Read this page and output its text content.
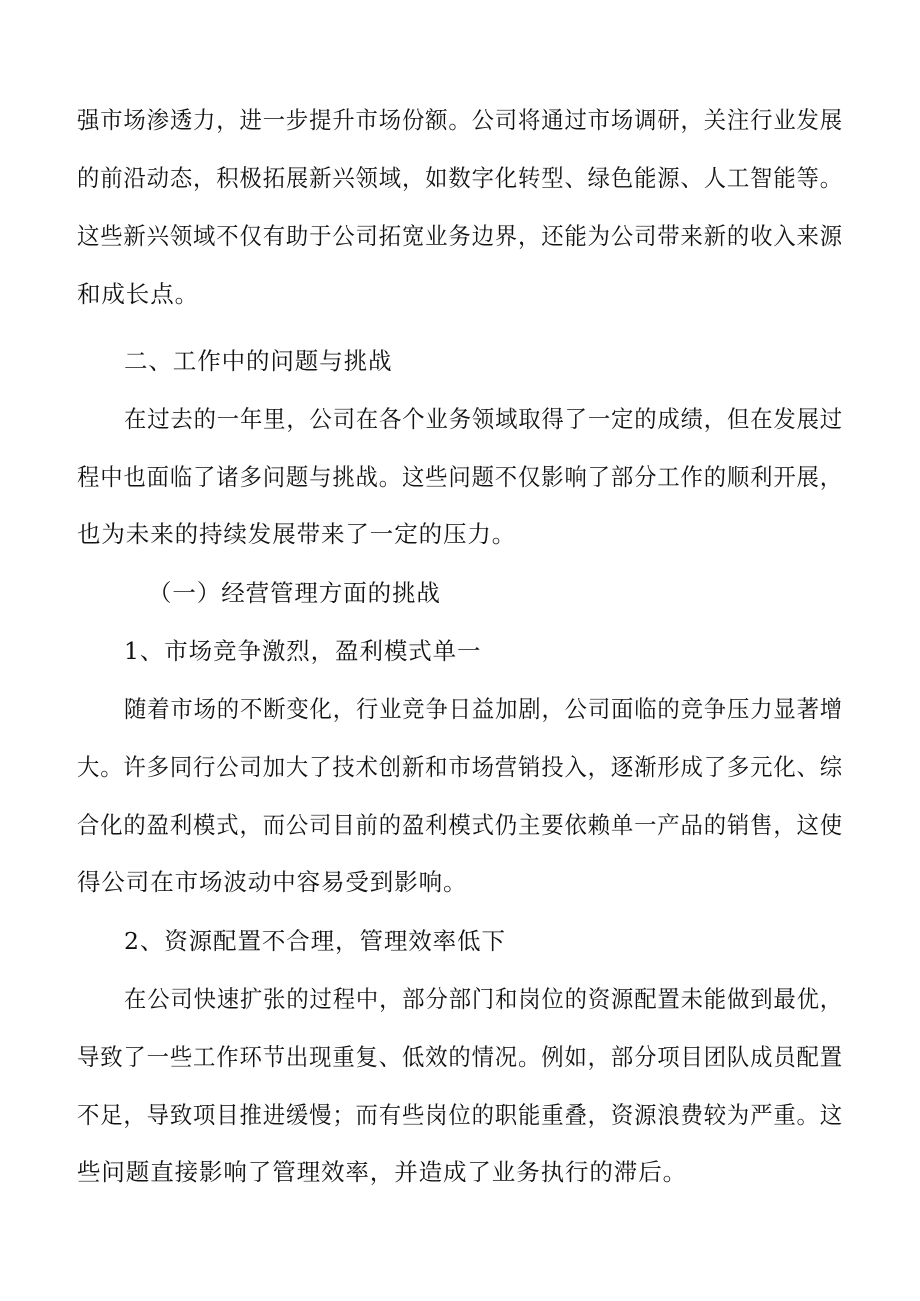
强市场渗透力，进一步提升市场份额。公司将通过市场调研，关注行业发展
的前沿动态，积极拓展新兴领域，如数字化转型、绿色能源、人工智能等。
这些新兴领域不仅有助于公司拓宽业务边界，还能为公司带来新的收入来源
和成长点。
二、工作中的问题与挑战
在过去的一年里，公司在各个业务领域取得了一定的成绩，但在发展过
程中也面临了诸多问题与挑战。这些问题不仅影响了部分工作的顺利开展，
也为未来的持续发展带来了一定的压力。
（一）经营管理方面的挑战
1、市场竞争激烈，盈利模式单一
随着市场的不断变化，行业竞争日益加剧，公司面临的竞争压力显著增
大。许多同行公司加大了技术创新和市场营销投入，逐渐形成了多元化、综
合化的盈利模式，而公司目前的盈利模式仍主要依赖单一产品的销售，这使
得公司在市场波动中容易受到影响。
2、资源配置不合理，管理效率低下
在公司快速扩张的过程中，部分部门和岗位的资源配置未能做到最优，
导致了一些工作环节出现重复、低效的情况。例如，部分项目团队成员配置
不足，导致项目推进缓慢；而有些岗位的职能重叠，资源浪费较为严重。这
些问题直接影响了管理效率，并造成了业务执行的滞后。
